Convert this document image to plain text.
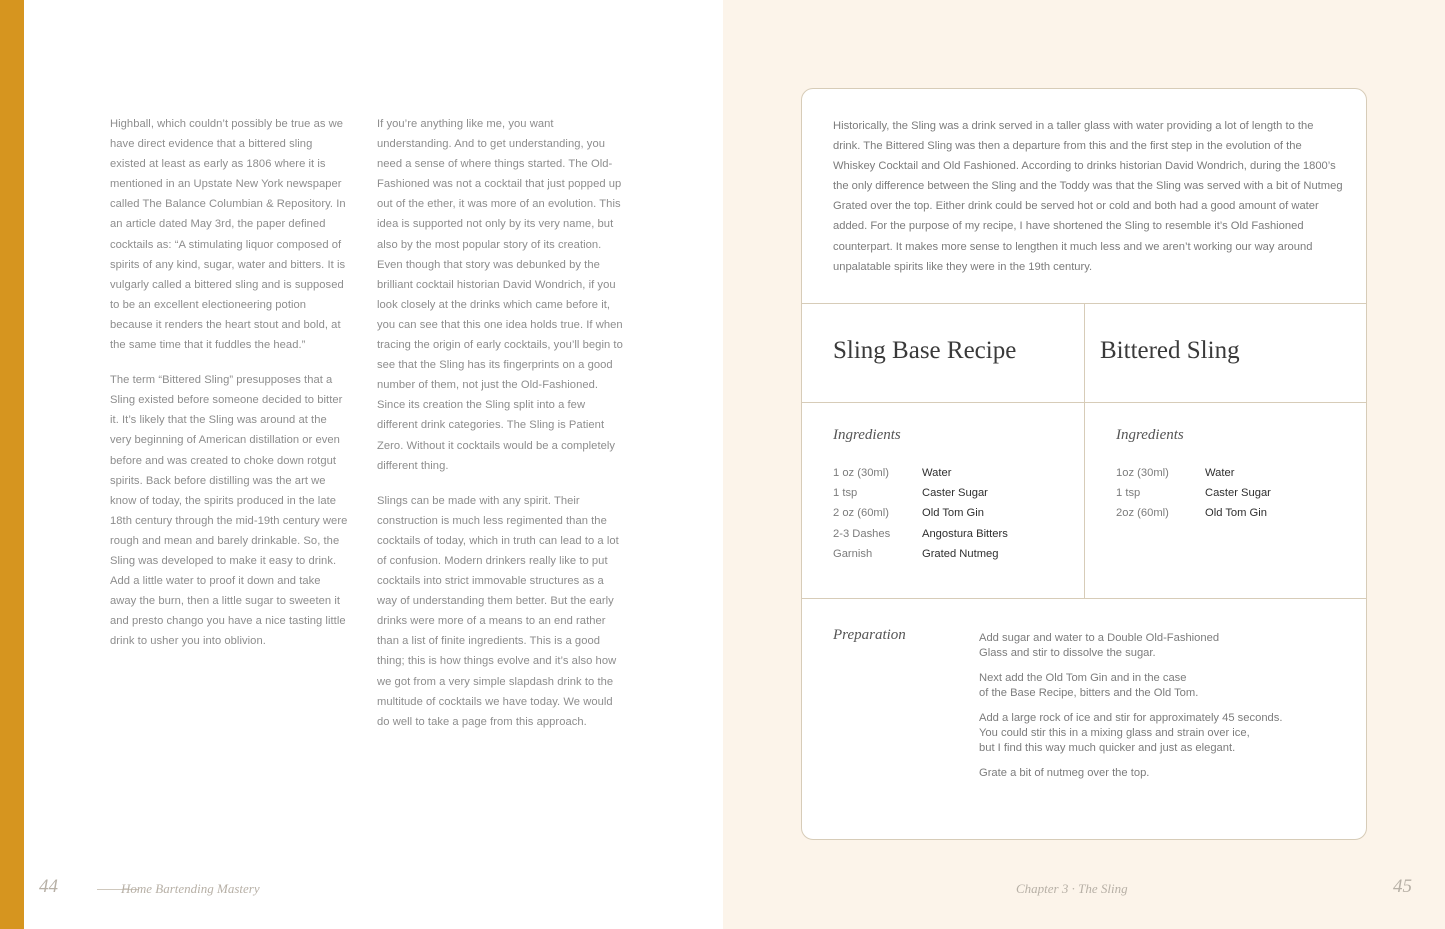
Highball, which couldn’t possibly be true as we have direct evidence that a bittered sling existed at least as early as 1806 where it is mentioned in an Upstate New York newspaper called The Balance Columbian & Repository. In an article dated May 3rd, the paper defined cocktails as: “A stimulating liquor composed of spirits of any kind, sugar, water and bitters. It is vulgarly called a bittered sling and is supposed to be an excellent electioneering potion because it renders the heart stout and bold, at the same time that it fuddles the head.”

The term “Bittered Sling” presupposes that a Sling existed before someone decided to bitter it. It’s likely that the Sling was around at the very beginning of American distillation or even before and was created to choke down rotgut spirits. Back before distilling was the art we know of today, the spirits produced in the late 18th century through the mid-19th century were rough and mean and barely drinkable. So, the Sling was developed to make it easy to drink. Add a little water to proof it down and take away the burn, then a little sugar to sweeten it and presto chango you have a nice tasting little drink to usher you into oblivion.

If you’re anything like me, you want understanding. And to get understanding, you need a sense of where things started. The Old-Fashioned was not a cocktail that just popped up out of the ether, it was more of an evolution. This idea is supported not only by its very name, but also by the most popular story of its creation. Even though that story was debunked by the brilliant cocktail historian David Wondrich, if you look closely at the drinks which came before it, you can see that this one idea holds true. If when tracing the origin of early cocktails, you’ll begin to see that the Sling has its fingerprints on a good number of them, not just the Old-Fashioned. Since its creation the Sling split into a few different drink categories. The Sling is Patient Zero. Without it cocktails would be a completely different thing.

Slings can be made with any spirit. Their construction is much less regimented than the cocktails of today, which in truth can lead to a lot of confusion. Modern drinkers really like to put cocktails into strict immovable structures as a way of understanding them better. But the early drinks were more of a means to an end rather than a list of finite ingredients. This is a good thing; this is how things evolve and it’s also how we got from a very simple slapdash drink to the multitude of cocktails we have today. We would do well to take a page from this approach.

44	Home Bartending Mastery

Historically, the Sling was a drink served in a taller glass with water providing a lot of length to the drink. The Bittered Sling was then a departure from this and the first step in the evolution of the Whiskey Cocktail and Old Fashioned. According to drinks historian David Wondrich, during the 1800’s the only difference between the Sling and the Toddy was that the Sling was served with a bit of Nutmeg Grated over the top. Either drink could be served hot or cold and both had a good amount of water added. For the purpose of my recipe, I have shortened the Sling to resemble it’s Old Fashioned counterpart. It makes more sense to lengthen it much less and we aren’t working our way around unpalatable spirits like they were in the 19th century.

Sling Base Recipe	Bittered Sling
Ingredients	Ingredients
1 oz (30ml)	Water
1 tsp	Caster Sugar
2 oz (60ml)	Old Tom Gin
2-3 Dashes	Angostura Bitters
Garnish	Grated Nutmeg
1oz (30ml)	Water
1 tsp	Caster Sugar
2oz (60ml)	Old Tom Gin
Preparation	Add sugar and water to a Double Old-Fashioned
Glass and stir to dissolve the sugar.

Next add the Old Tom Gin and in the case
of the Base Recipe, bitters and the Old Tom.

Add a large rock of ice and stir for approximately 45 seconds.
You could stir this in a mixing glass and strain over ice,
but I find this way much quicker and just as elegant.

Grate a bit of nutmeg over the top.

Chapter 3 · The Sling	45
